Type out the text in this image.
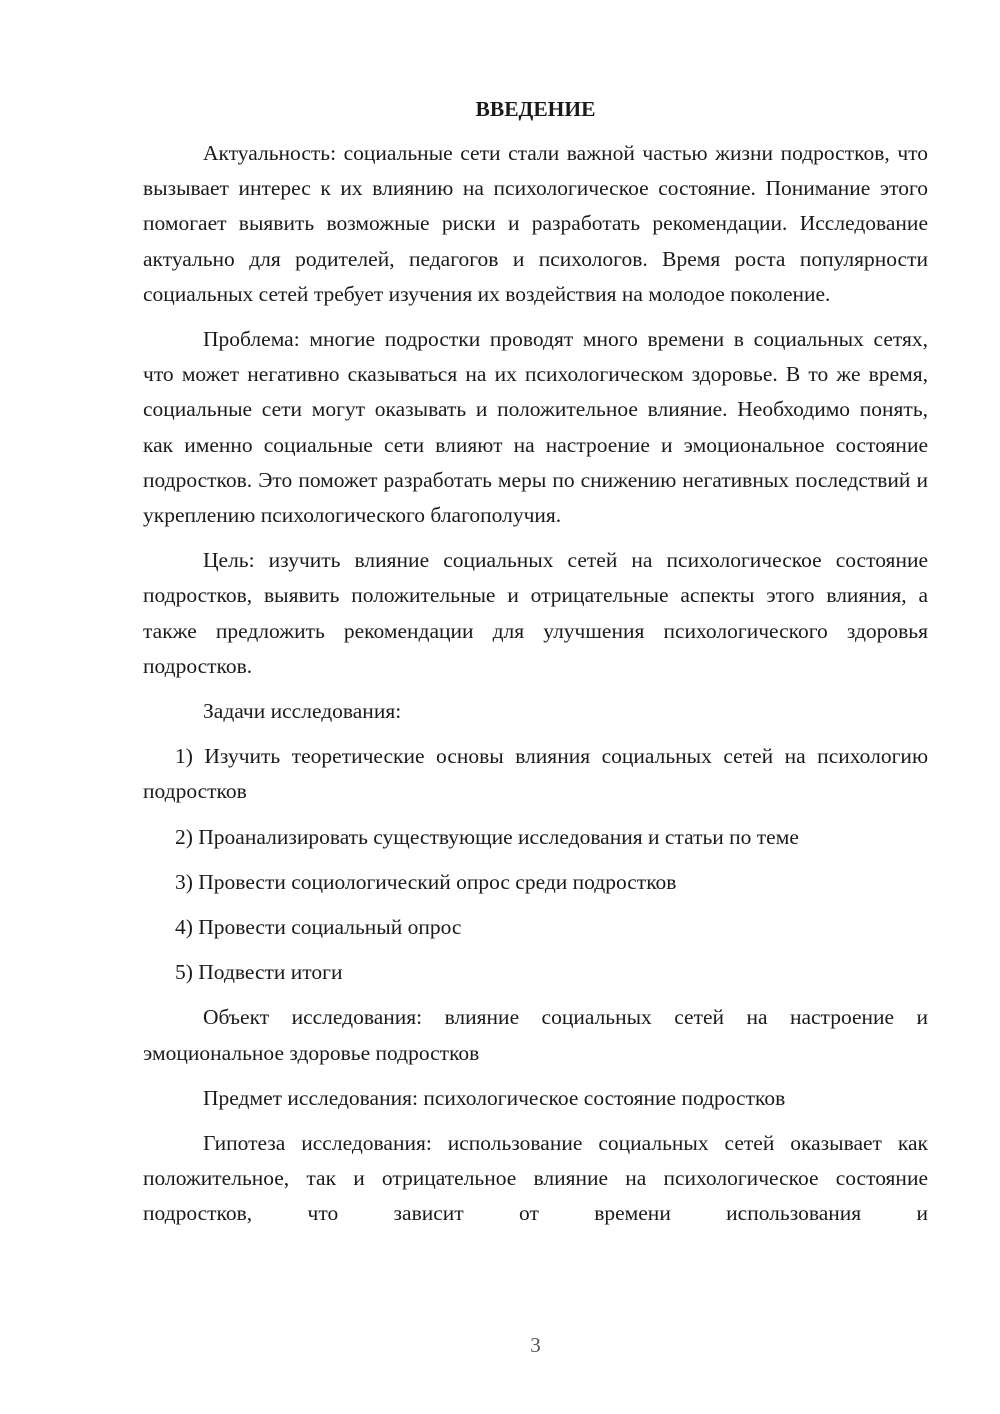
ВВЕДЕНИЕ

Актуальность: социальные сети стали важной частью жизни подростков, что вызывает интерес к их влиянию на психологическое состояние. Понимание этого помогает выявить возможные риски и разработать рекомендации. Исследование актуально для родителей, педагогов и психологов. Время роста популярности социальных сетей требует изучения их воздействия на молодое поколение.

Проблема: многие подростки проводят много времени в социальных сетях, что может негативно сказываться на их психологическом здоровье. В то же время, социальные сети могут оказывать и положительное влияние. Необходимо понять, как именно социальные сети влияют на настроение и эмоциональное состояние подростков. Это поможет разработать меры по снижению негативных последствий и укреплению психологического благополучия.

Цель: изучить влияние социальных сетей на психологическое состояние подростков, выявить положительные и отрицательные аспекты этого влияния, а также предложить рекомендации для улучшения психологического здоровья подростков.

Задачи исследования:

1) Изучить теоретические основы влияния социальных сетей на психологию подростков

2) Проанализировать существующие исследования и статьи по теме

3) Провести социологический опрос среди подростков

4) Провести социальный опрос

5) Подвести итоги

Объект исследования: влияние социальных сетей на настроение и эмоциональное здоровье подростков

Предмет исследования: психологическое состояние подростков

Гипотеза исследования: использование социальных сетей оказывает как положительное, так и отрицательное влияние на психологическое состояние подростков, что зависит от времени использования и

3
